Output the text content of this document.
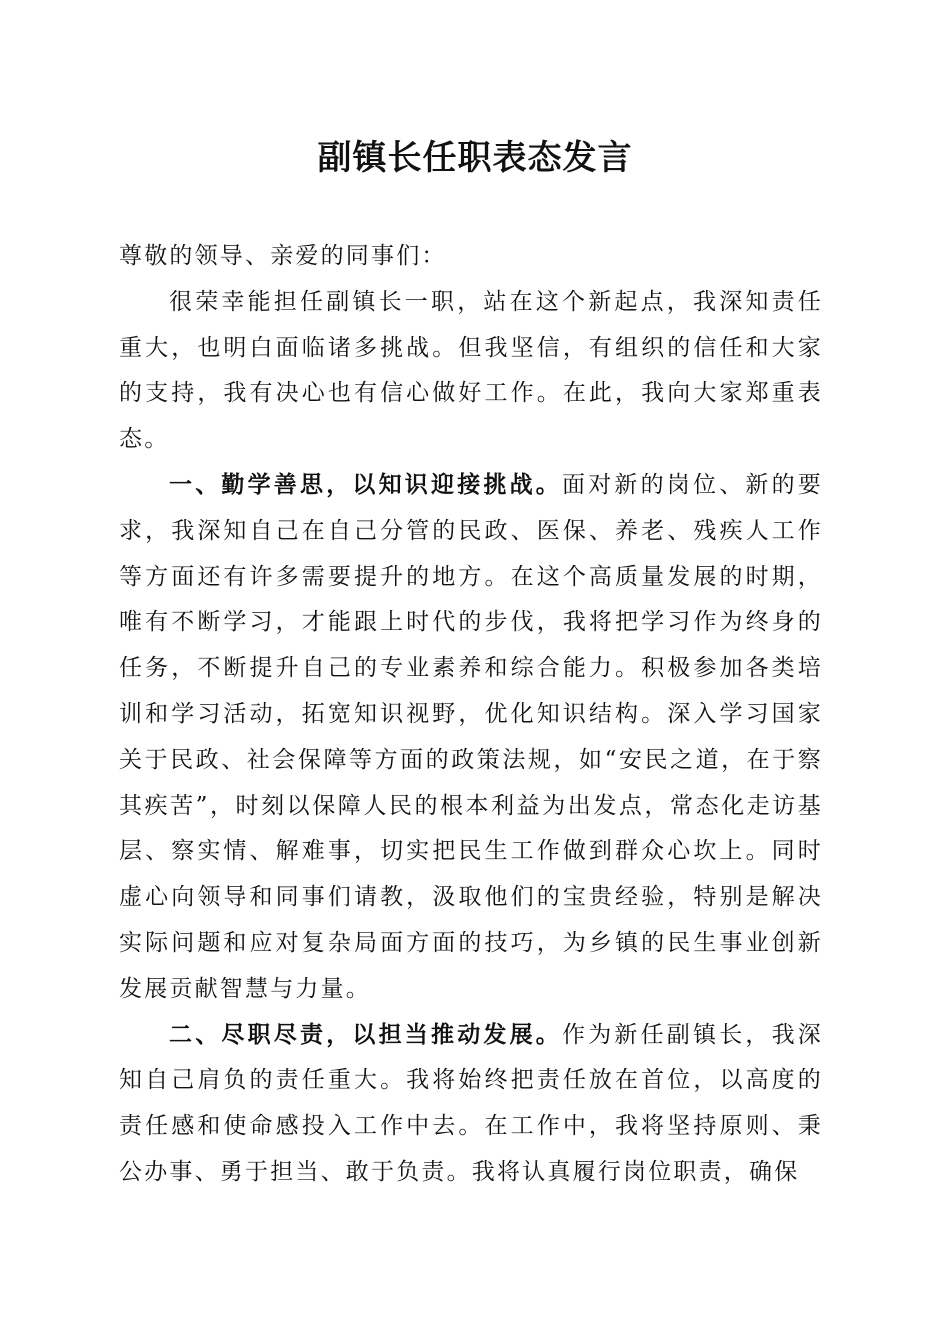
副镇长任职表态发言

尊敬的领导、亲爱的同事们：

很荣幸能担任副镇长一职，站在这个新起点，我深知责任重大，也明白面临诸多挑战。但我坚信，有组织的信任和大家的支持，我有决心也有信心做好工作。在此，我向大家郑重表态。

一、勤学善思，以知识迎接挑战。面对新的岗位、新的要求，我深知自己在自己分管的民政、医保、养老、残疾人工作等方面还有许多需要提升的地方。在这个高质量发展的时期，唯有不断学习，才能跟上时代的步伐，我将把学习作为终身的任务，不断提升自己的专业素养和综合能力。积极参加各类培训和学习活动，拓宽知识视野，优化知识结构。深入学习国家关于民政、社会保障等方面的政策法规，如“安民之道，在于察其疾苦”，时刻以保障人民的根本利益为出发点，常态化走访基层、察实情、解难事，切实把民生工作做到群众心坎上。同时虚心向领导和同事们请教，汲取他们的宝贵经验，特别是解决实际问题和应对复杂局面方面的技巧，为乡镇的民生事业创新发展贡献智慧与力量。

二、尽职尽责，以担当推动发展。作为新任副镇长，我深知自己肩负的责任重大。我将始终把责任放在首位，以高度的责任感和使命感投入工作中去。在工作中，我将坚持原则、秉公办事、勇于担当、敢于负责。我将认真履行岗位职责，确保
